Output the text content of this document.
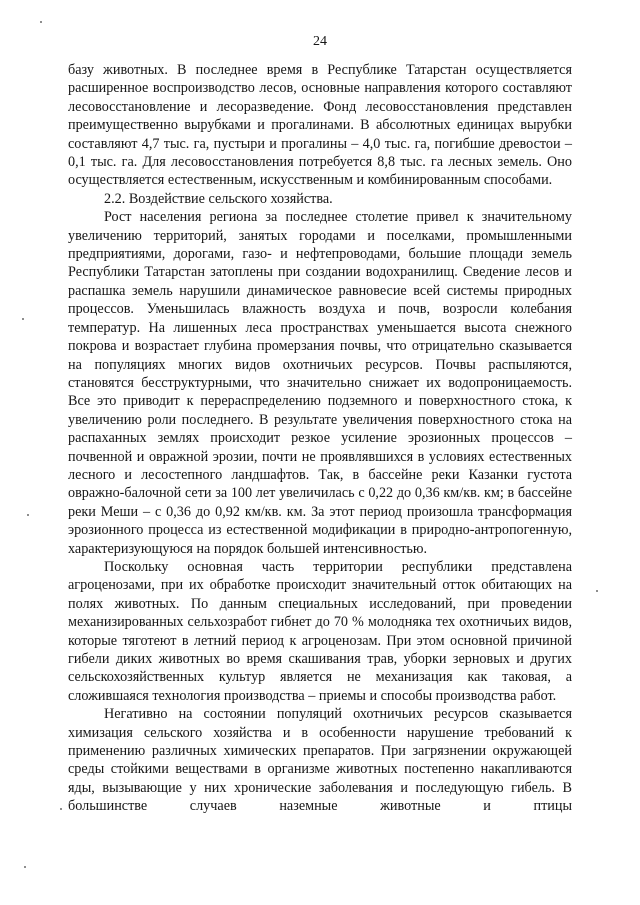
24

базу животных. В последнее время в Республике Татарстан осуществляется расширенное воспроизводство лесов, основные направления которого составляют лесовосстановление и лесоразведение. Фонд лесовосстановления представлен преимущественно вырубками и прогалинами. В абсолютных единицах вырубки составляют 4,7 тыс. га, пустыри и прогалины – 4,0 тыс. га, погибшие древостои – 0,1 тыс. га. Для лесовосстановления потребуется 8,8 тыс. га лесных земель. Оно осуществляется естественным, искусственным и комбинированным способами.

2.2. Воздействие сельского хозяйства.

Рост населения региона за последнее столетие привел к значительному увеличению территорий, занятых городами и поселками, промышленными предприятиями, дорогами, газо- и нефтепроводами, большие площади земель Республики Татарстан затоплены при создании водохранилищ. Сведение лесов и распашка земель нарушили динамическое равновесие всей системы природных процессов. Уменьшилась влажность воздуха и почв, возросли колебания температур. На лишенных леса пространствах уменьшается высота снежного покрова и возрастает глубина промерзания почвы, что отрицательно сказывается на популяциях многих видов охотничьих ресурсов. Почвы распыляются, становятся бесструктурными, что значительно снижает их водопроницаемость. Все это приводит к перераспределению подземного и поверхностного стока, к увеличению роли последнего. В результате увеличения поверхностного стока на распаханных землях происходит резкое усиление эрозионных процессов – почвенной и овражной эрозии, почти не проявлявшихся в условиях естественных лесного и лесостепного ландшафтов. Так, в бассейне реки Казанки густота овражно-балочной сети за 100 лет увеличилась с 0,22 до 0,36 км/кв. км; в бассейне реки Меши – с 0,36 до 0,92 км/кв. км. За этот период произошла трансформация эрозионного процесса из естественной модификации в природно-антропогенную, характеризующуюся на порядок большей интенсивностью.

Поскольку основная часть территории республики представлена агроценозами, при их обработке происходит значительный отток обитающих на полях животных. По данным специальных исследований, при проведении механизированных сельхозработ гибнет до 70 % молодняка тех охотничьих видов, которые тяготеют в летний период к агроценозам. При этом основной причиной гибели диких животных во время скашивания трав, уборки зерновых и других сельскохозяйственных культур является не механизация как таковая, а сложившаяся технология производства – приемы и способы производства работ.

Негативно на состоянии популяций охотничьих ресурсов сказывается химизация сельского хозяйства и в особенности нарушение требований к применению различных химических препаратов. При загрязнении окружающей среды стойкими веществами в организме животных постепенно накапливаются яды, вызывающие у них хронические заболевания и последующую гибель. В большинстве случаев наземные животные и птицы
